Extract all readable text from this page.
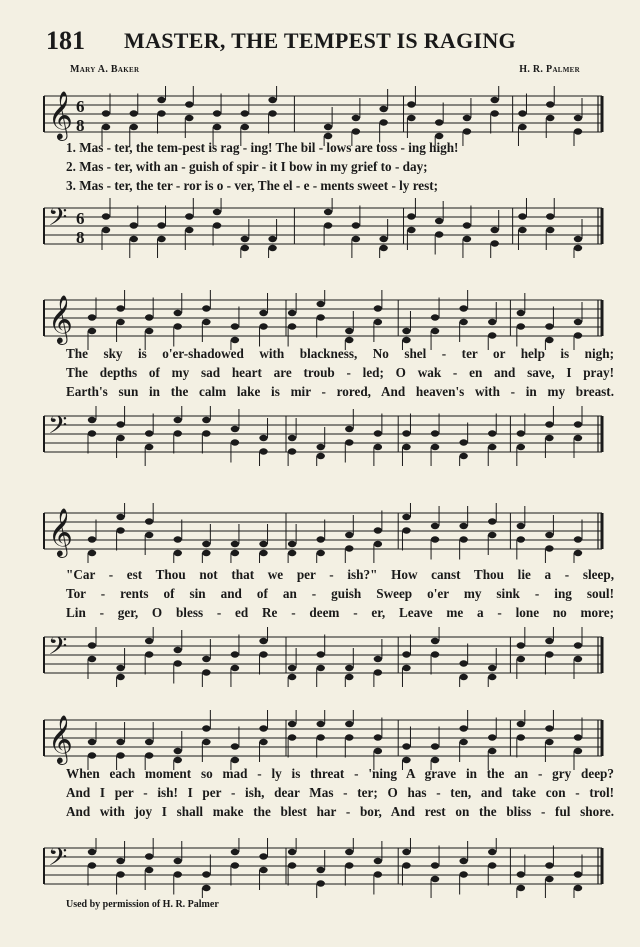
181 MASTER, THE TEMPEST IS RAGING
Mary A. Baker	H. R. Palmer
𝄞 6
8
1. Mas - ter, the tem-pest is rag - ing! The bil - lows are toss - ing high!
2. Mas - ter, with an - guish of spir - it I bow in my grief to - day;
3. Mas - ter, the ter - ror is o - ver, The el - e - ments sweet - ly rest;
𝄢 6
8
𝄞
The sky is o'er-shadowed with blackness, No shel - ter or help is nigh;
The depths of my sad heart are troub - led; O wak - en and save, I pray!
Earth's sun in the calm lake is mir - rored, And heaven's with - in my breast.
𝄢
𝄞
"Car - est Thou not that we per - ish?" How canst Thou lie a - sleep,
Tor - rents of sin and of an - guish Sweep o'er my sink - ing soul!
Lin - ger, O bless - ed Re - deem - er, Leave me a - lone no more;
𝄢
𝄞
When each moment so mad - ly is threat - 'ning A grave in the an - gry deep?
And I per - ish! I per - ish, dear Mas - ter; O has - ten, and take con - trol!
And with joy I shall make the blest har - bor, And rest on the bliss - ful shore.
𝄢
Used by permission of H. R. Palmer
